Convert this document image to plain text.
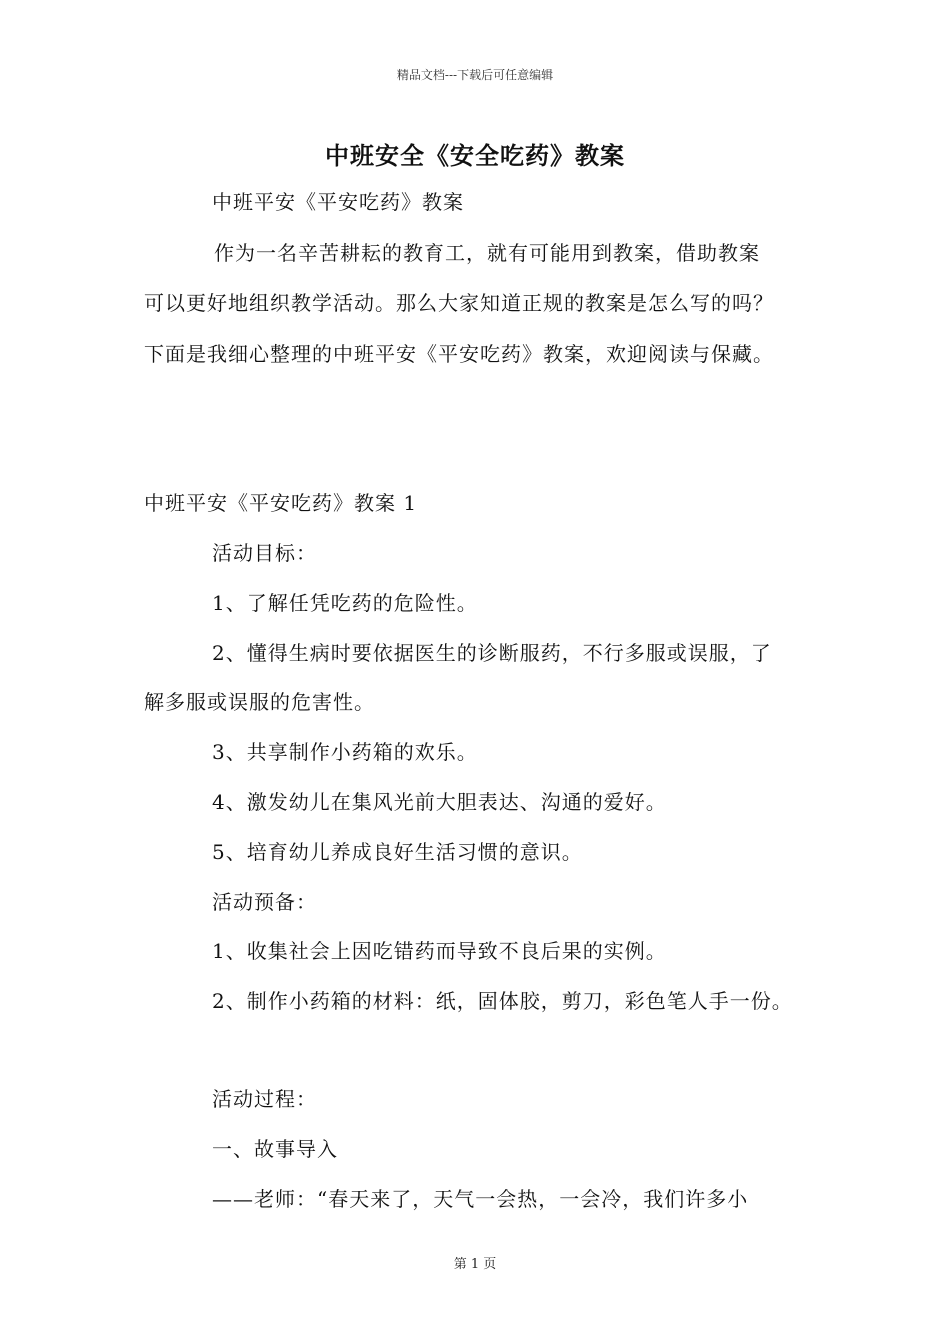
精品文档---下载后可任意编辑
中班安全《安全吃药》教案
中班平安《平安吃药》教案
作为一名辛苦耕耘的教育工，就有可能用到教案，借助教案
可以更好地组织教学活动。那么大家知道正规的教案是怎么写的吗？
下面是我细心整理的中班平安《平安吃药》教案，欢迎阅读与保藏。
中班平安《平安吃药》教案 1
活动目标：
1、了解任凭吃药的危险性。
2、懂得生病时要依据医生的诊断服药，不行多服或误服，了
解多服或误服的危害性。
3、共享制作小药箱的欢乐。
4、激发幼儿在集风光前大胆表达、沟通的爱好。
5、培育幼儿养成良好生活习惯的意识。
活动预备：
1、收集社会上因吃错药而导致不良后果的实例。
2、制作小药箱的材料：纸，固体胶，剪刀，彩色笔人手一份。
活动过程：
一、故事导入
——老师：“春天来了，天气一会热，一会冷，我们许多小
第 1 页
